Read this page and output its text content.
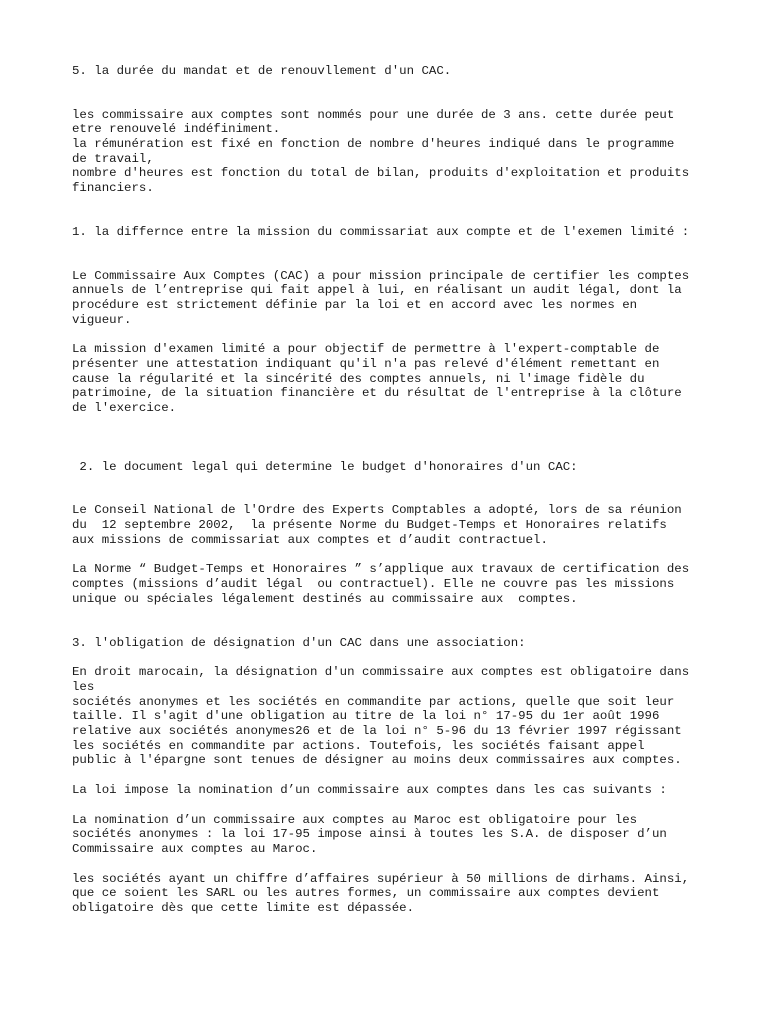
5. la durée du mandat et de renouvllement d'un CAC.
les commissaire aux comptes sont nommés pour une durée de 3 ans. cette durée peut
etre renouvelé indéfiniment.
la rémunération est fixé en fonction de nombre d'heures indiqué dans le programme
de travail,
nombre d'heures est fonction du total de bilan, produits d'exploitation et produits
financiers.
1. la differnce entre la mission du commissariat aux compte et de l'exemen limité :
Le Commissaire Aux Comptes (CAC) a pour mission principale de certifier les comptes
annuels de l’entreprise qui fait appel à lui, en réalisant un audit légal, dont la
procédure est strictement définie par la loi et en accord avec les normes en
vigueur.
La mission d'examen limité a pour objectif de permettre à l'expert-comptable de
présenter une attestation indiquant qu'il n'a pas relevé d'élément remettant en
cause la régularité et la sincérité des comptes annuels, ni l'image fidèle du
patrimoine, de la situation financière et du résultat de l'entreprise à la clôture
de l'exercice.
2. le document legal qui determine le budget d'honoraires d'un CAC:
Le Conseil National de l'Ordre des Experts Comptables a adopté, lors de sa réunion
du  12 septembre 2002,  la présente Norme du Budget-Temps et Honoraires relatifs
aux missions de commissariat aux comptes et d’audit contractuel.
La Norme “ Budget-Temps et Honoraires ” s’applique aux travaux de certification des
comptes (missions d’audit légal  ou contractuel). Elle ne couvre pas les missions
unique ou spéciales légalement destinés au commissaire aux  comptes.
3. l'obligation de désignation d'un CAC dans une association:
En droit marocain, la désignation d'un commissaire aux comptes est obligatoire dans
les
sociétés anonymes et les sociétés en commandite par actions, quelle que soit leur
taille. Il s'agit d'une obligation au titre de la loi n° 17-95 du 1er août 1996
relative aux sociétés anonymes26 et de la loi n° 5-96 du 13 février 1997 régissant
les sociétés en commandite par actions. Toutefois, les sociétés faisant appel
public à l'épargne sont tenues de désigner au moins deux commissaires aux comptes.
La loi impose la nomination d’un commissaire aux comptes dans les cas suivants :
La nomination d’un commissaire aux comptes au Maroc est obligatoire pour les
sociétés anonymes : la loi 17-95 impose ainsi à toutes les S.A. de disposer d’un
Commissaire aux comptes au Maroc.
les sociétés ayant un chiffre d’affaires supérieur à 50 millions de dirhams. Ainsi,
que ce soient les SARL ou les autres formes, un commissaire aux comptes devient
obligatoire dès que cette limite est dépassée.
